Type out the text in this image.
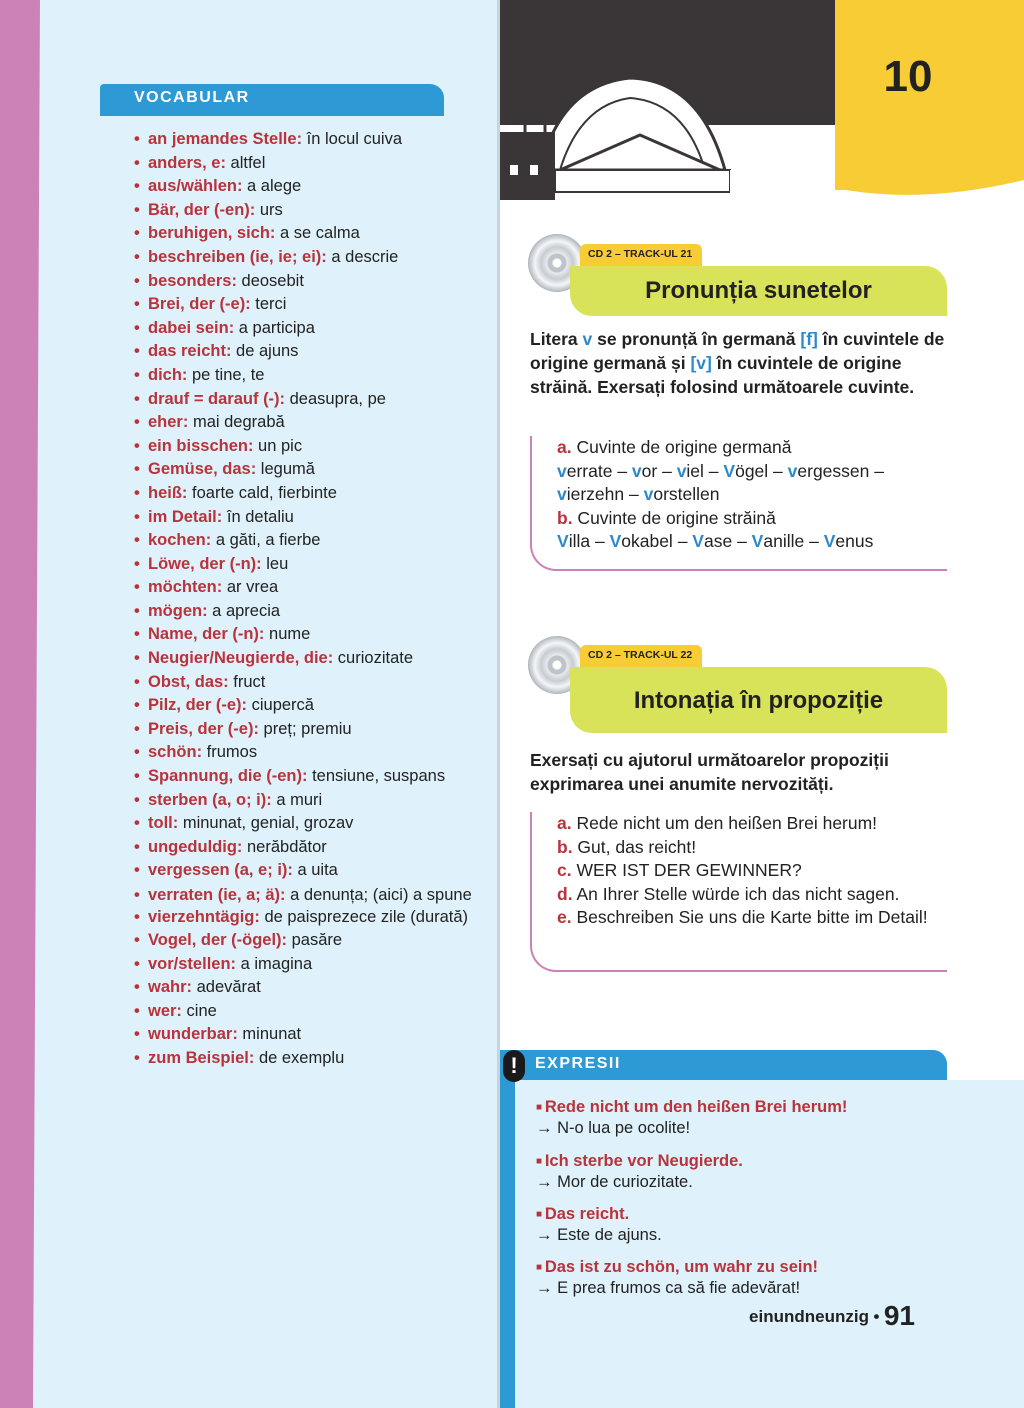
VOCABULAR
• an jemandes Stelle: în locul cuiva
• anders, e: altfel
• aus/wählen: a alege
• Bär, der (-en): urs
• beruhigen, sich: a se calma
• beschreiben (ie, ie; ei): a descrie
• besonders: deosebit
• Brei, der (-e): terci
• dabei sein: a participa
• das reicht: de ajuns
• dich: pe tine, te
• drauf = darauf (-): deasupra, pe
• eher: mai degrabă
• ein bisschen: un pic
• Gemüse, das: legumă
• heiß: foarte cald, fierbinte
• im Detail: în detaliu
• kochen: a găti, a fierbe
• Löwe, der (-n): leu
• möchten: ar vrea
• mögen: a aprecia
• Name, der (-n): nume
• Neugier/Neugierde, die: curiozitate
• Obst, das: fruct
• Pilz, der (-e): ciupercă
• Preis, der (-e): preț; premiu
• schön: frumos
• Spannung, die (-en): tensiune, suspans
• sterben (a, o; i): a muri
• toll: minunat, genial, grozav
• ungeduldig: nerăbdător
• vergessen (a, e; i): a uita
• verraten (ie, a; ä): a denunța; (aici) a spune
• vierzehntägig: de paisprezece zile (durată)
• Vogel, der (-ögel): pasăre
• vor/stellen: a imagina
• wahr: adevărat
• wer: cine
• wunderbar: minunat
• zum Beispiel: de exemplu
10
CD 2 – TRACK-UL 21
Pronunția sunetelor
Litera v se pronunță în germană [f] în cuvintele de origine germană și [v] în cuvintele de origine străină. Exersați folosind următoarele cuvinte.
a. Cuvinte de origine germană
verrate – vor – viel – Vögel – vergessen – vierzehn – vorstellen
b. Cuvinte de origine străină
Villa – Vokabel – Vase – Vanille – Venus
CD 2 – TRACK-UL 22
Intonația în propoziție
Exersați cu ajutorul următoarelor propoziții exprimarea unei anumite nervozități.
a. Rede nicht um den heißen Brei herum!
b. Gut, das reicht!
c. WER IST DER GEWINNER?
d. An Ihrer Stelle würde ich das nicht sagen.
e. Beschreiben Sie uns die Karte bitte im Detail!
EXPRESII
!
■ Rede nicht um den heißen Brei herum!
→ N-o lua pe ocolite!
■ Ich sterbe vor Neugierde.
→ Mor de curiozitate.
■ Das reicht.
→ Este de ajuns.
■ Das ist zu schön, um wahr zu sein!
→ E prea frumos ca să fie adevărat!
einundneunzig • 91
